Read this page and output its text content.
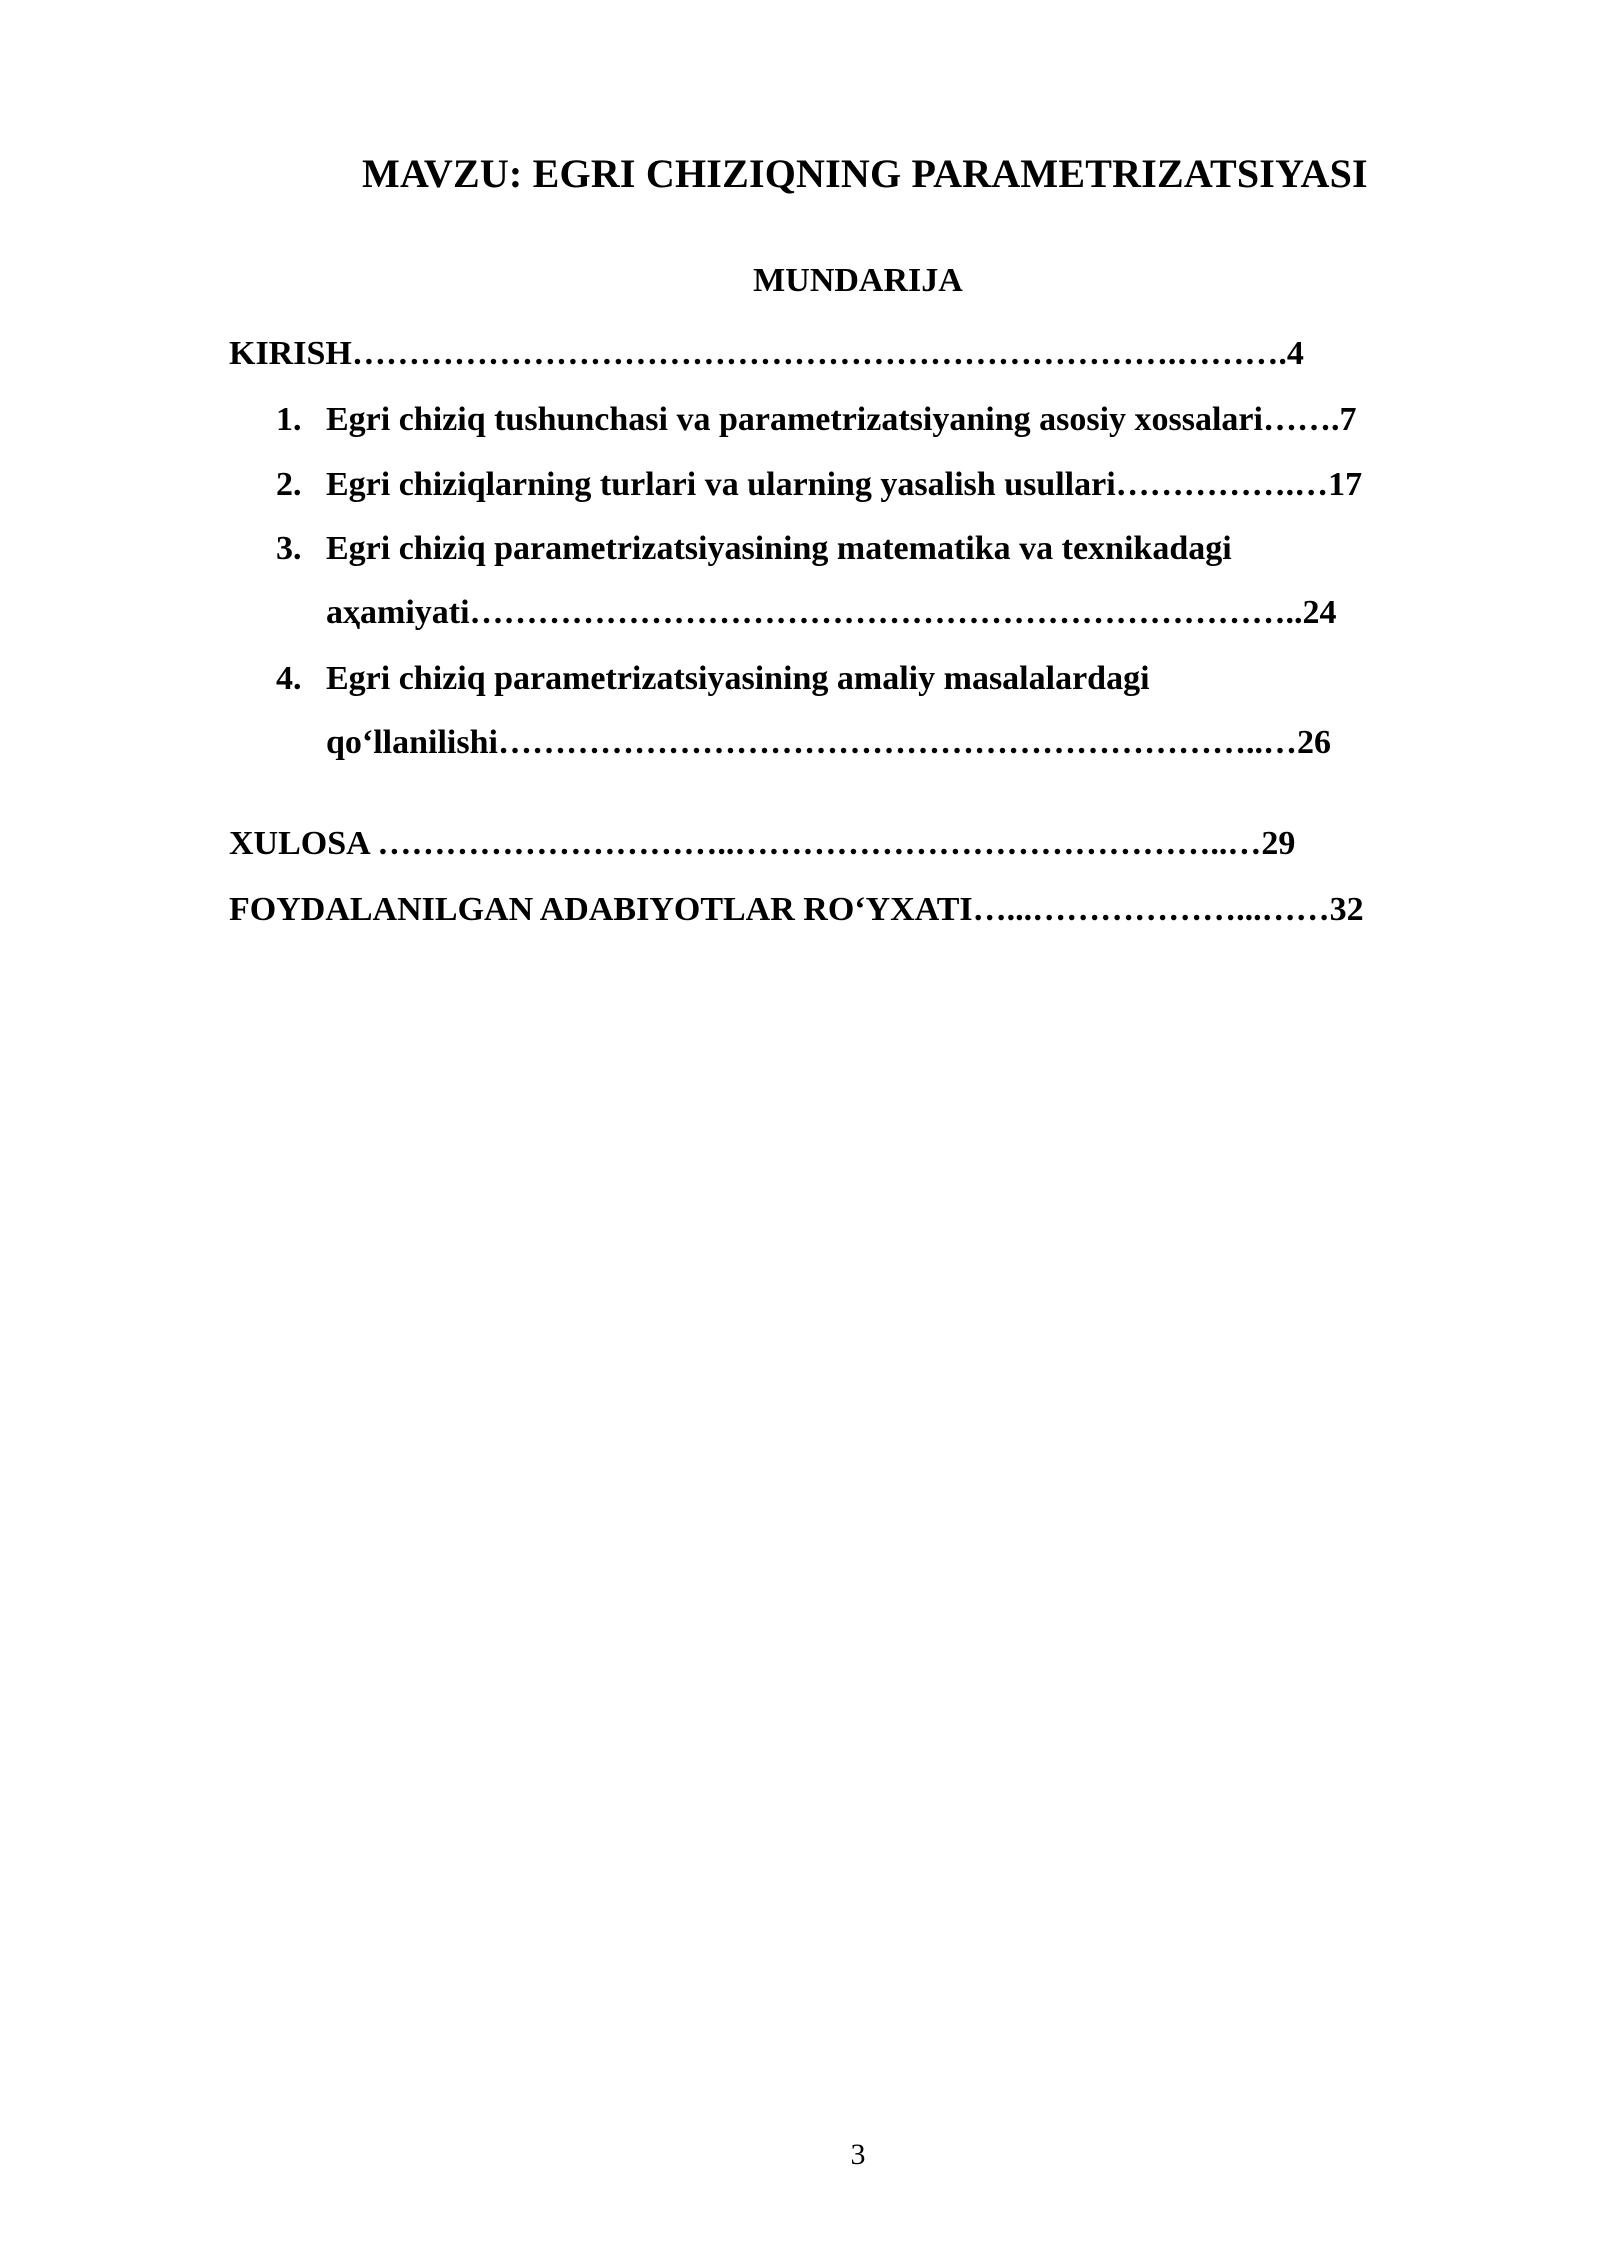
MAVZU: EGRI CHIZIQNING PARAMETRIZATSIYASI
MUNDARIJA
KIRISH……………………………………………………………….……….4
1. Egri chiziq tushunchasi va parametrizatsiyaning asosiy xossalari…….7
2. Egri chiziqlarning turlari va ularning yasalish usullari…………….…17
3. Egri chiziq parametrizatsiyasining matematika va texnikadagi
aҳamiyati………………………………………………………………..24
4. Egri chiziq parametrizatsiyasining amaliy masalalardagi
qo‘llanilishi…………………………………………………………..…26
XULOSA …………………………..……………………………………..…29
FOYDALANILGAN ADABIYOTLAR RO‘YXATI…...………………...……32
3
